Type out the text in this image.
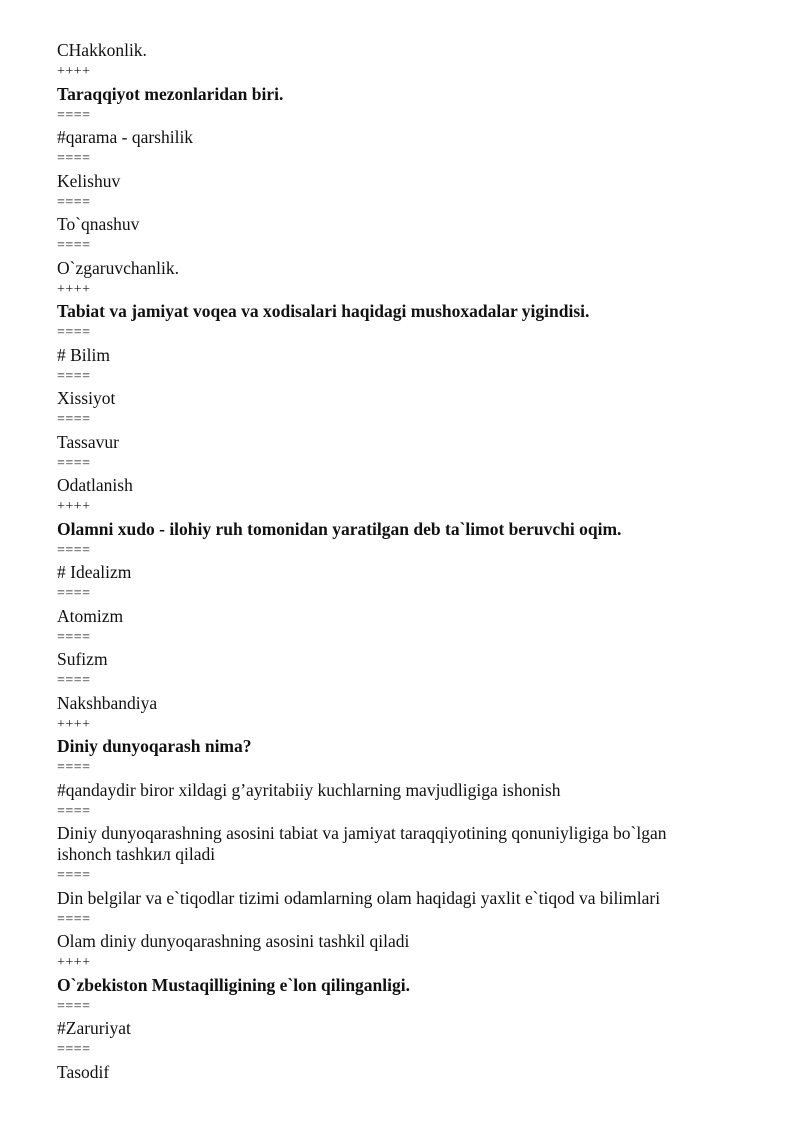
CHakkonlik.
++++
Taraqqiyot mezonlaridan biri.
====
#qarama - qarshilik
====
Kelishuv
====
To`qnashuv
====
O`zgaruvchanlik.
++++
Tabiat va jamiyat voqea va xodisalari haqidagi mushoxadalar yigindisi.
====
# Bilim
====
Xissiyot
====
Tassavur
====
Odatlanish
++++
Olamni xudo - ilohiy ruh tomonidan yaratilgan deb ta`limot beruvchi oqim.
====
# Idealizm
====
Atomizm
====
Sufizm
====
Nakshbandiya
++++
Diniy dunyoqarash nima?
====
#qandaydir biror xildagi g’ayritabiiy kuchlarning mavjudligiga ishonish
====
Diniy dunyoqarashning asosini tabiat va jamiyat taraqqiyotining qonuniyligiga bo`lgan
ishonch tashkил qiladi
====
Din belgilar va e`tiqodlar tizimi odamlarning olam haqidagi yaxlit e`tiqod va bilimlari
====
Olam diniy dunyoqarashning asosini tashkil qiladi
++++
O`zbekiston Mustaqilligining e`lon qilinganligi.
====
#Zaruriyat
====
Tasodif
